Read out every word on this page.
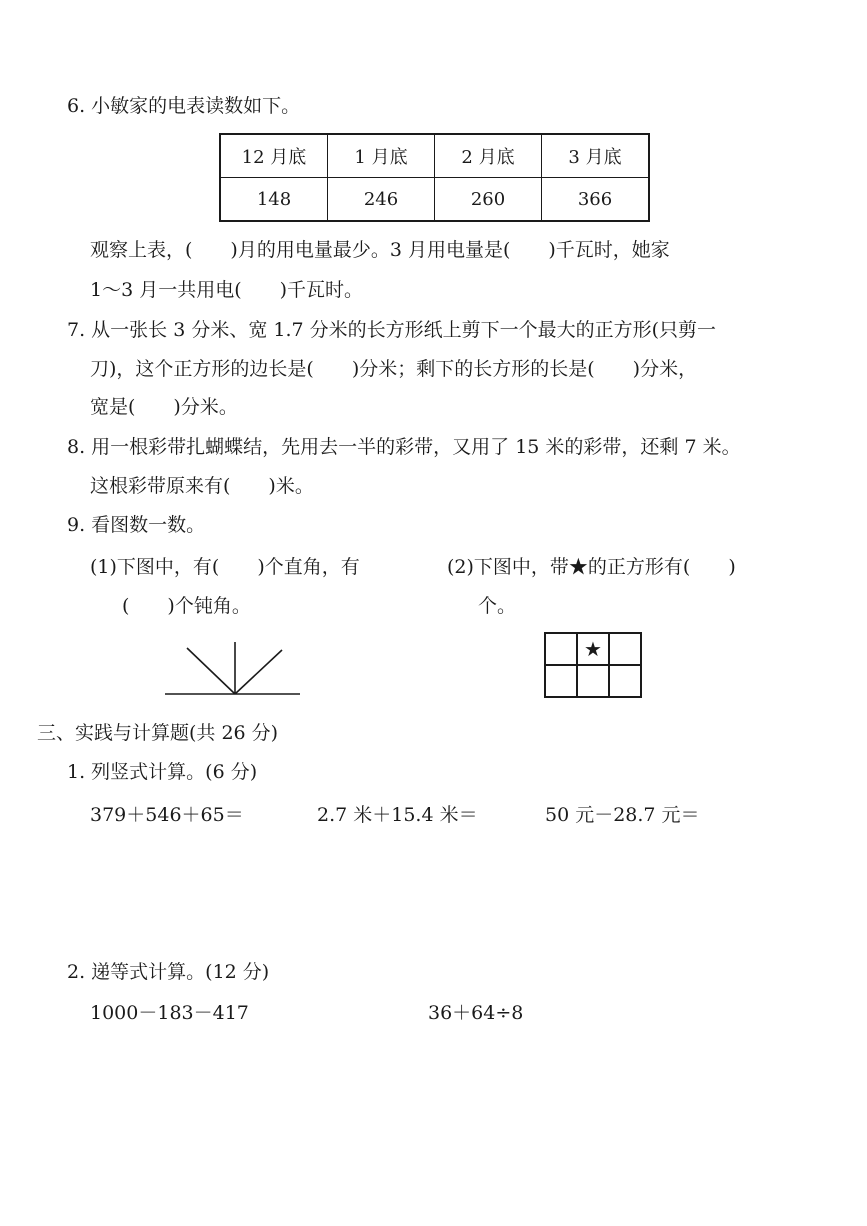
6. 小敏家的电表读数如下。
12 月底	1 月底	2 月底	3 月底
148	246	260	366
观察上表，(　　)月的用电量最少。3 月用电量是(　　)千瓦时，她家
1～3 月一共用电(　　)千瓦时。
7. 从一张长 3 分米、宽 1.7 分米的长方形纸上剪下一个最大的正方形(只剪一
刀)，这个正方形的边长是(　　)分米；剩下的长方形的长是(　　)分米，
宽是(　　)分米。
8. 用一根彩带扎蝴蝶结，先用去一半的彩带，又用了 15 米的彩带，还剩 7 米。
这根彩带原来有(　　)米。
9. 看图数一数。
(1)下图中，有(　　)个直角，有
(　　)个钝角。
(2)下图中，带★的正方形有(　　)
个。
★
三、实践与计算题(共 26 分)
1. 列竖式计算。(6 分)
379＋546＋65＝	2.7 米＋15.4 米＝	50 元－28.7 元＝
2. 递等式计算。(12 分)
1000－183－417	36＋64÷8
